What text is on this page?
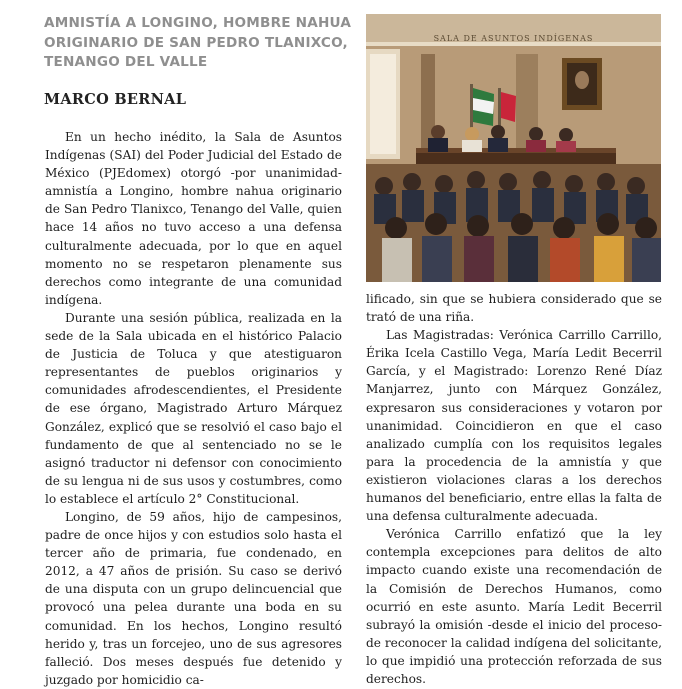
AMNISTÍA A LONGINO, HOMBRE NAHUA ORIGINARIO DE SAN PEDRO TLANIXCO, TENANGO DEL VALLE
MARCO BERNAL
SALA DE ASUNTOS INDÍGENAS

En un hecho inédito, la Sala de Asuntos Indígenas (SAI) del Poder Judicial del Estado de México (PJEdomex) otorgó -por unanimidad- amnistía a Longino, hombre nahua originario de San Pedro Tlanixco, Tenango del Valle, quien hace 14 años no tuvo acceso a una defensa culturalmente adecuada, por lo que en aquel momento no se respetaron plenamente sus derechos como integrante de una comunidad indígena.

Durante una sesión pública, realizada en la sede de la Sala ubicada en el histórico Palacio de Justicia de Toluca y que atestiguaron representantes de pueblos originarios y comunidades afrodescendientes, el Presidente de ese órgano, Magistrado Arturo Márquez González, explicó que se resolvió el caso bajo el fundamento de que al sentenciado no se le asignó traductor ni defensor con conocimiento de su lengua ni de sus usos y costumbres, como lo establece el artículo 2° Constitucional.

Longino, de 59 años, hijo de campesinos, padre de once hijos y con estudios solo hasta el tercer año de primaria, fue condenado, en 2012, a 47 años de prisión. Su caso se derivó de una disputa con un grupo delincuencial que provocó una pelea durante una boda en su comunidad. En los hechos, Longino resultó herido y, tras un forcejeo, uno de sus agresores falleció. Dos meses después fue detenido y juzgado por homicidio ca-

lificado, sin que se hubiera considerado que se trató de una riña.

Las Magistradas: Verónica Carrillo Carrillo, Érika Icela Castillo Vega, María Ledit Becerril García, y el Magistrado: Lorenzo René Díaz Manjarrez, junto con Márquez González, expresaron sus consideraciones y votaron por unanimidad. Coincidieron en que el caso analizado cumplía con los requisitos legales para la procedencia de la amnistía y que existieron violaciones claras a los derechos humanos del beneficiario, entre ellas la falta de una defensa culturalmente adecuada.

Verónica Carrillo enfatizó que la ley contempla excepciones para delitos de alto impacto cuando existe una recomendación de la Comisión de Derechos Humanos, como ocurrió en este asunto. María Ledit Becerril subrayó la omisión -desde el inicio del proceso- de reconocer la calidad indígena del solicitante, lo que impidió una protección reforzada de sus derechos.
